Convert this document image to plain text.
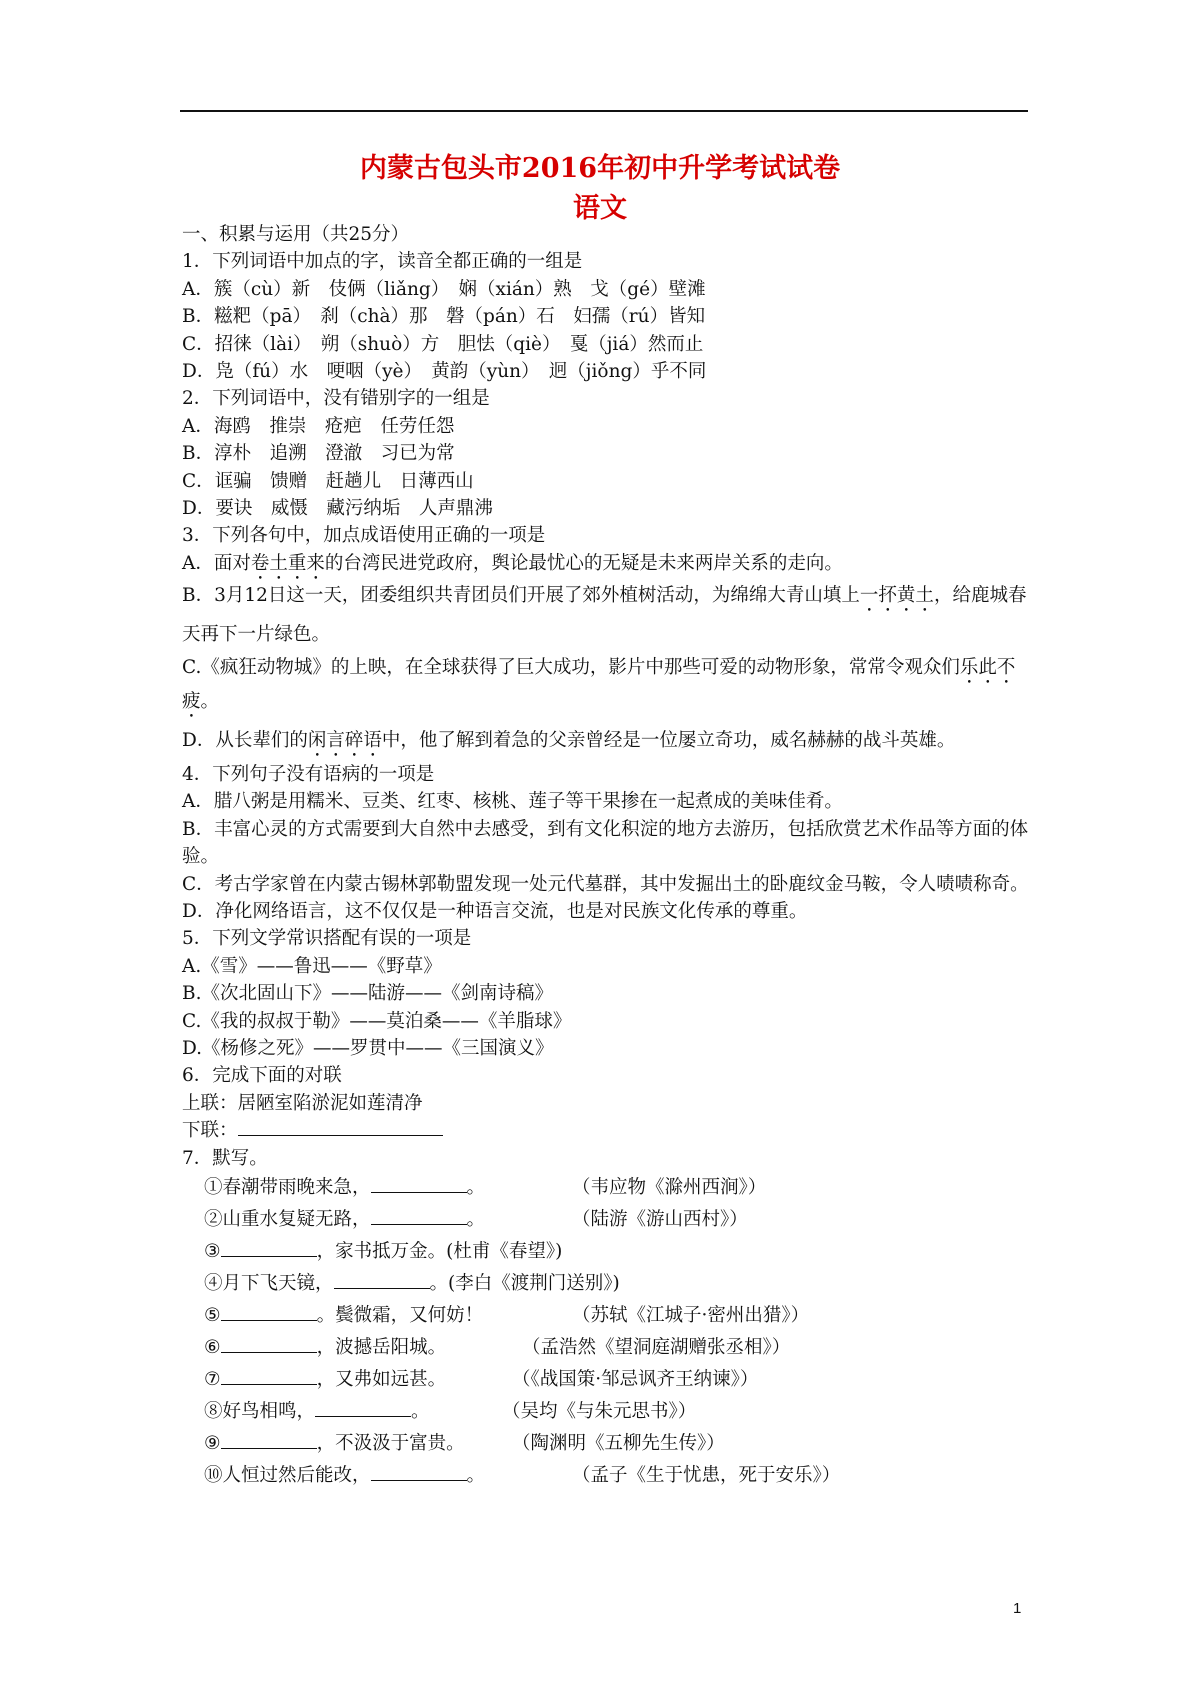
内蒙古包头市2016年初中升学考试试卷
语文
一、积累与运用（共25分）
1．下列词语中加点的字，读音全都正确的一组是
A．簇（cù）新　伎俩（liǎng）　娴（xián）熟　戈（gé）壁滩
B．糍粑（pā）　刹（chà）那　磐（pán）石　妇孺（rú）皆知
C．招徕（lài）　朔（shuò）方　胆怯（qiè）　戛（jiá）然而止
D．凫（fú）水　哽咽（yè）　黄韵（yùn）　迥（jiǒng）乎不同
2．下列词语中，没有错别字的一组是
A．海鸥　推崇　疮疤　任劳任怨
B．淳朴　追溯　澄澈　习已为常
C．诓骗　馈赠　赶趟儿　日薄西山
D．要诀　威慑　藏污纳垢　人声鼎沸
3．下列各句中，加点成语使用正确的一项是
A．面对卷土重来的台湾民进党政府，舆论最忧心的无疑是未来两岸关系的走向。
B．3月12日这一天，团委组织共青团员们开展了郊外植树活动，为绵绵大青山填上一抔黄土，给鹿城春天再下一片绿色。
C.《疯狂动物城》的上映，在全球获得了巨大成功，影片中那些可爱的动物形象，常常令观众们乐此不疲。
D．从长辈们的闲言碎语中，他了解到着急的父亲曾经是一位屡立奇功，威名赫赫的战斗英雄。
4．下列句子没有语病的一项是
A．腊八粥是用糯米、豆类、红枣、核桃、莲子等干果掺在一起煮成的美味佳肴。
B．丰富心灵的方式需要到大自然中去感受，到有文化积淀的地方去游历，包括欣赏艺术作品等方面的体验。
C．考古学家曾在内蒙古锡林郭勒盟发现一处元代墓群，其中发掘出土的卧鹿纹金马鞍，令人啧啧称奇。
D．净化网络语言，这不仅仅是一种语言交流，也是对民族文化传承的尊重。
5．下列文学常识搭配有误的一项是
A.《雪》——鲁迅——《野草》
B.《次北固山下》——陆游——《剑南诗稿》
C.《我的叔叔于勒》——莫泊桑——《羊脂球》
D.《杨修之死》——罗贯中——《三国演义》
6．完成下面的对联
上联：居陋室陷淤泥如莲清净
下联：
7．默写。
①春潮带雨晚来急，	。	（韦应物《滁州西涧》）
②山重水复疑无路，	。	（陆游《游山西村》）
③	，家书抵万金。(杜甫《春望》)
④月下飞天镜，	。(李白《渡荆门送别》)
⑤	。鬓微霜，又何妨！	（苏轼《江城子·密州出猎》）
⑥	，波撼岳阳城。	（孟浩然《望洞庭湖赠张丞相》）
⑦	，又弗如远甚。	（《战国策·邹忌讽齐王纳谏》）
⑧好鸟相鸣，	。	（吴均《与朱元思书》）
⑨	，不汲汲于富贵。	（陶渊明《五柳先生传》）
⑩人恒过然后能改，	。	（孟子《生于忧患，死于安乐》）
1
